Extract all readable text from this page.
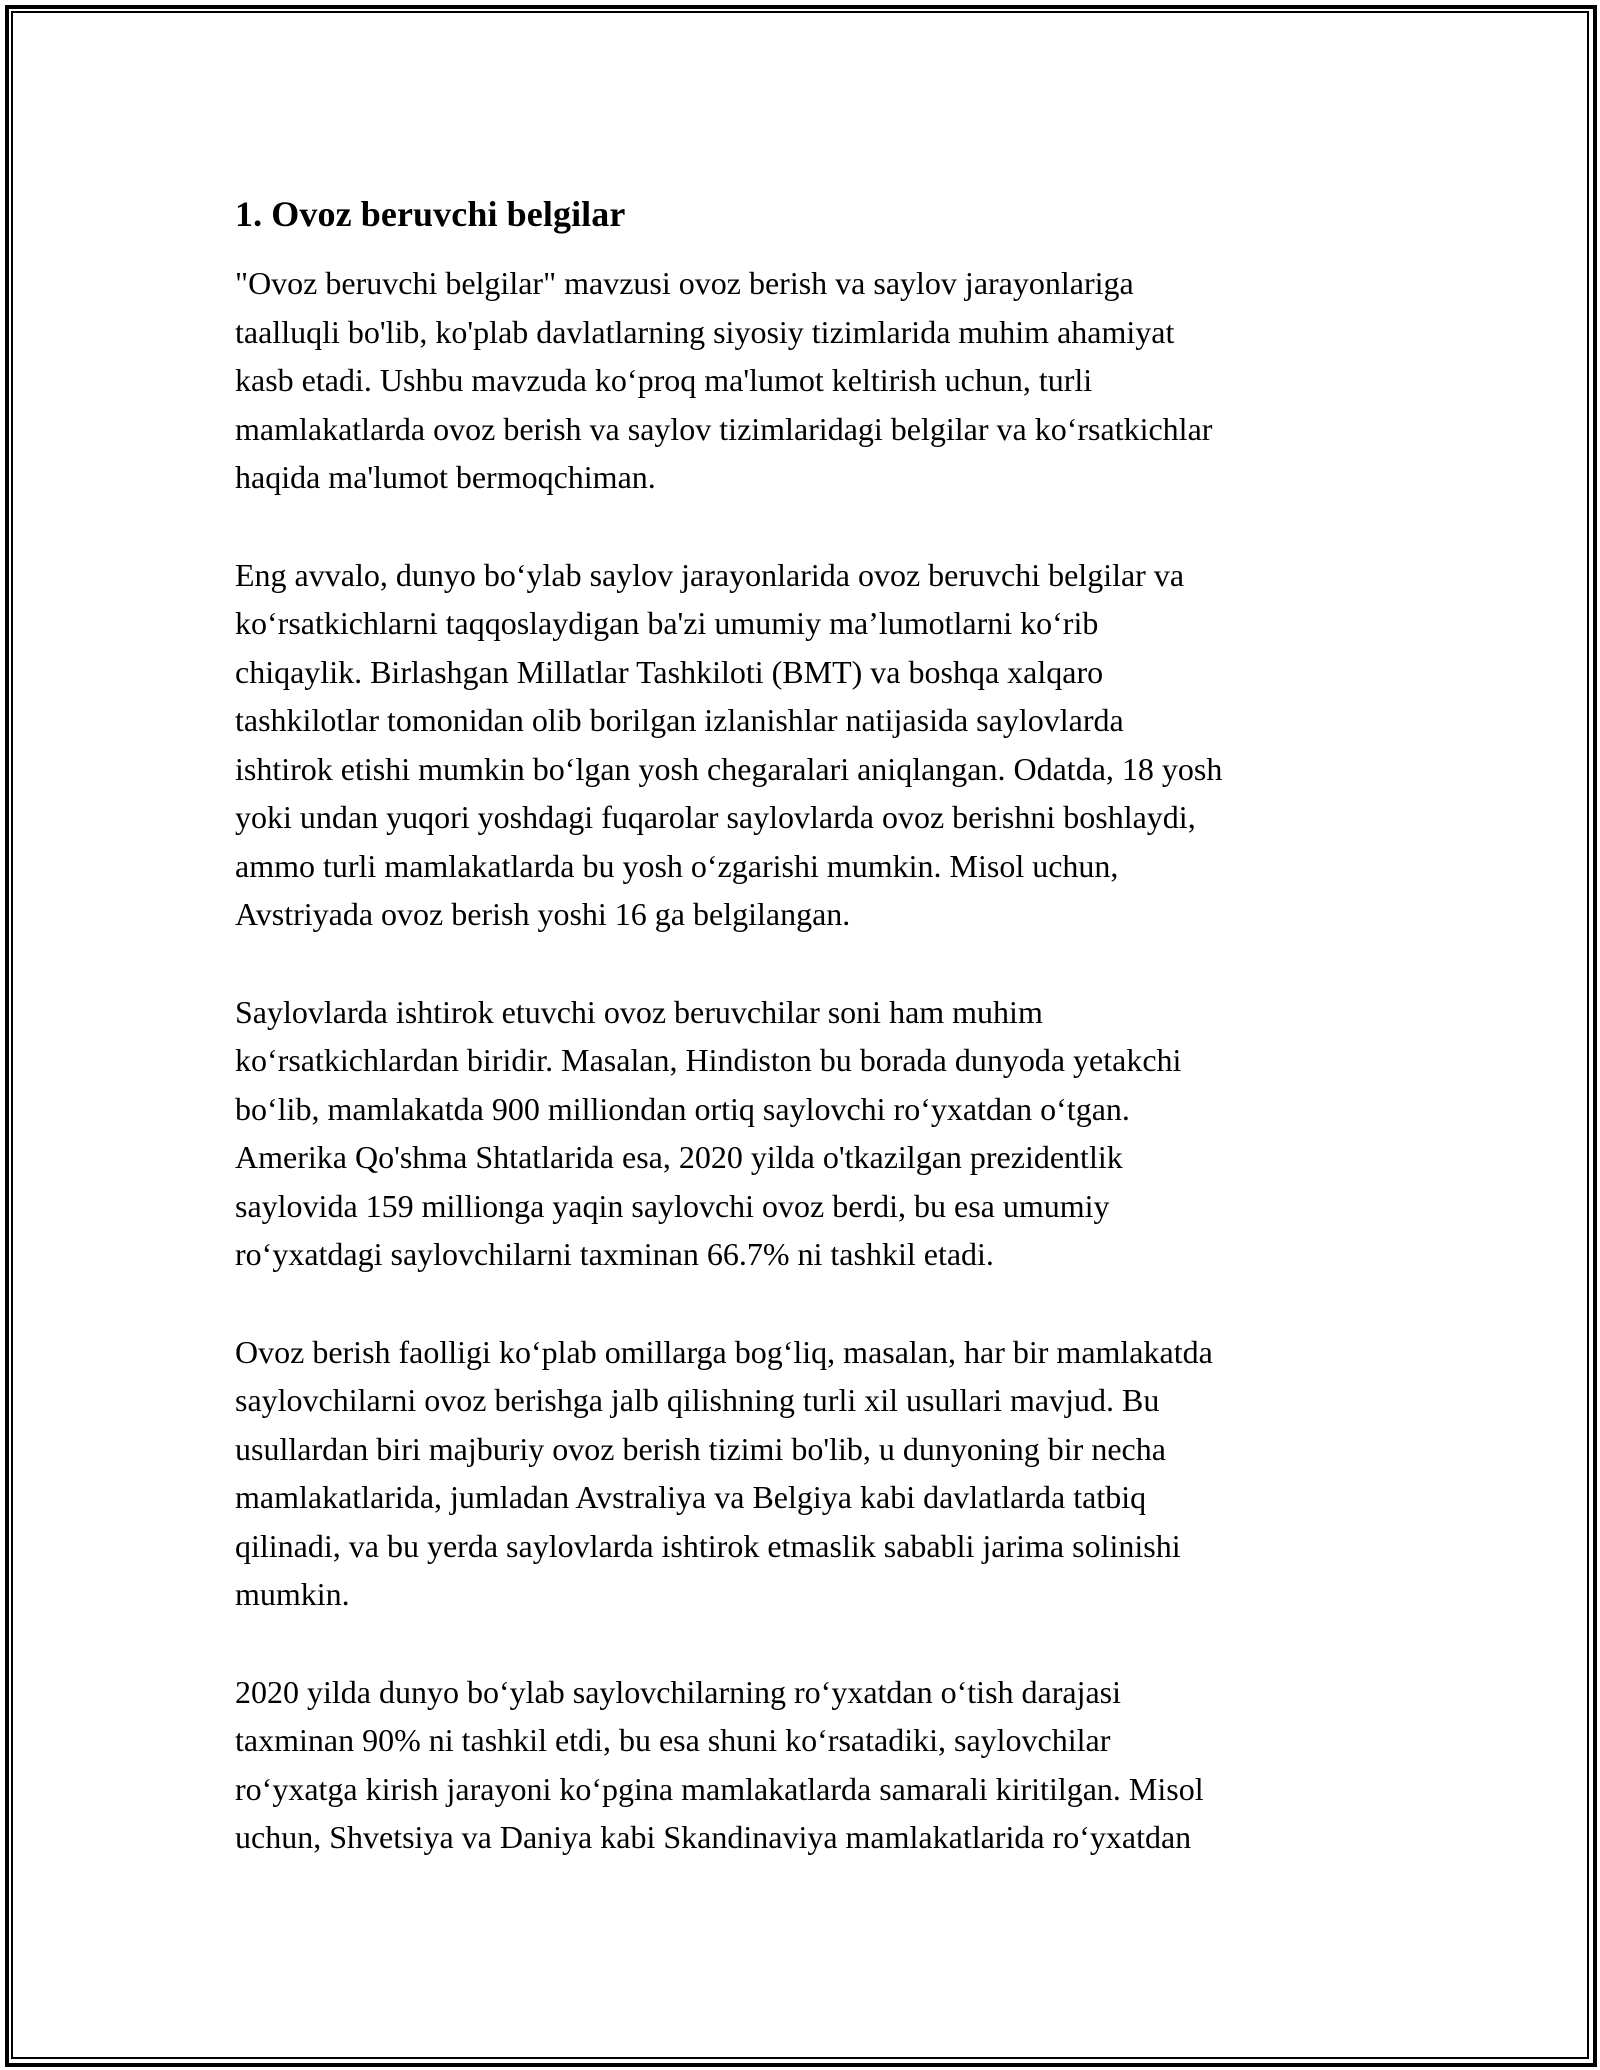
1. Ovoz beruvchi belgilar

"Ovoz beruvchi belgilar" mavzusi ovoz berish va saylov jarayonlariga
taalluqli bo'lib, ko'plab davlatlarning siyosiy tizimlarida muhim ahamiyat
kasb etadi. Ushbu mavzuda ko‘proq ma'lumot keltirish uchun, turli
mamlakatlarda ovoz berish va saylov tizimlaridagi belgilar va ko‘rsatkichlar
haqida ma'lumot bermoqchiman.

Eng avvalo, dunyo bo‘ylab saylov jarayonlarida ovoz beruvchi belgilar va
ko‘rsatkichlarni taqqoslaydigan ba'zi umumiy ma’lumotlarni ko‘rib
chiqaylik. Birlashgan Millatlar Tashkiloti (BMT) va boshqa xalqaro
tashkilotlar tomonidan olib borilgan izlanishlar natijasida saylovlarda
ishtirok etishi mumkin bo‘lgan yosh chegaralari aniqlangan. Odatda, 18 yosh
yoki undan yuqori yoshdagi fuqarolar saylovlarda ovoz berishni boshlaydi,
ammo turli mamlakatlarda bu yosh o‘zgarishi mumkin. Misol uchun,
Avstriyada ovoz berish yoshi 16 ga belgilangan.

Saylovlarda ishtirok etuvchi ovoz beruvchilar soni ham muhim
ko‘rsatkichlardan biridir. Masalan, Hindiston bu borada dunyoda yetakchi
bo‘lib, mamlakatda 900 milliondan ortiq saylovchi ro‘yxatdan o‘tgan.
Amerika Qo'shma Shtatlarida esa, 2020 yilda o'tkazilgan prezidentlik
saylovida 159 millionga yaqin saylovchi ovoz berdi, bu esa umumiy
ro‘yxatdagi saylovchilarni taxminan 66.7% ni tashkil etadi.

Ovoz berish faolligi ko‘plab omillarga bog‘liq, masalan, har bir mamlakatda
saylovchilarni ovoz berishga jalb qilishning turli xil usullari mavjud. Bu
usullardan biri majburiy ovoz berish tizimi bo'lib, u dunyoning bir necha
mamlakatlarida, jumladan Avstraliya va Belgiya kabi davlatlarda tatbiq
qilinadi, va bu yerda saylovlarda ishtirok etmaslik sababli jarima solinishi
mumkin.

2020 yilda dunyo bo‘ylab saylovchilarning ro‘yxatdan o‘tish darajasi
taxminan 90% ni tashkil etdi, bu esa shuni ko‘rsatadiki, saylovchilar
ro‘yxatga kirish jarayoni ko‘pgina mamlakatlarda samarali kiritilgan. Misol
uchun, Shvetsiya va Daniya kabi Skandinaviya mamlakatlarida ro‘yxatdan
